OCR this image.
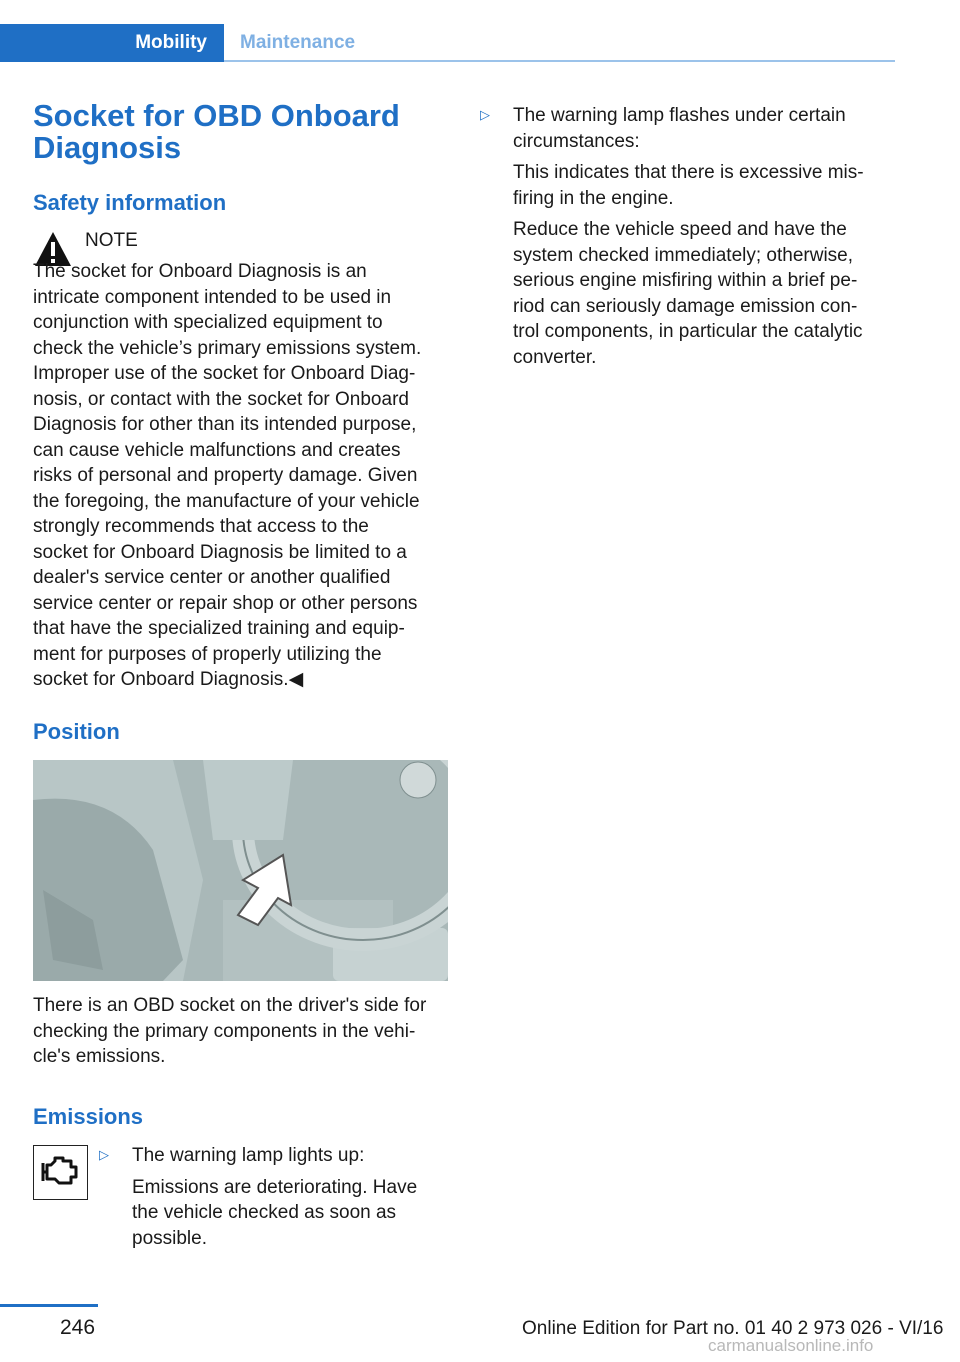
Mobility	Maintenance
Socket for OBD Onboard
Diagnosis
Safety information
NOTE
The socket for Onboard Diagnosis is an
intricate component intended to be used in
conjunction with specialized equipment to
check the vehicle’s primary emissions system.
Improper use of the socket for Onboard Diag‐
nosis, or contact with the socket for Onboard
Diagnosis for other than its intended purpose,
can cause vehicle malfunctions and creates
risks of personal and property damage. Given
the foregoing, the manufacture of your vehicle
strongly recommends that access to the
socket for Onboard Diagnosis be limited to a
dealer's service center or another qualified
service center or repair shop or other persons
that have the specialized training and equip‐
ment for purposes of properly utilizing the
socket for Onboard Diagnosis.◀
Position
There is an OBD socket on the driver's side for
checking the primary components in the vehi‐
cle's emissions.
Emissions
▷	The warning lamp lights up:
Emissions are deteriorating. Have
the vehicle checked as soon as
possible.
▷	The warning lamp flashes under certain
circumstances:
This indicates that there is excessive mis‐
firing in the engine.
Reduce the vehicle speed and have the
system checked immediately; otherwise,
serious engine misfiring within a brief pe‐
riod can seriously damage emission con‐
trol components, in particular the catalytic
converter.
246	Online Edition for Part no. 01 40 2 973 026 - VI/16
carmanualsonline.info
